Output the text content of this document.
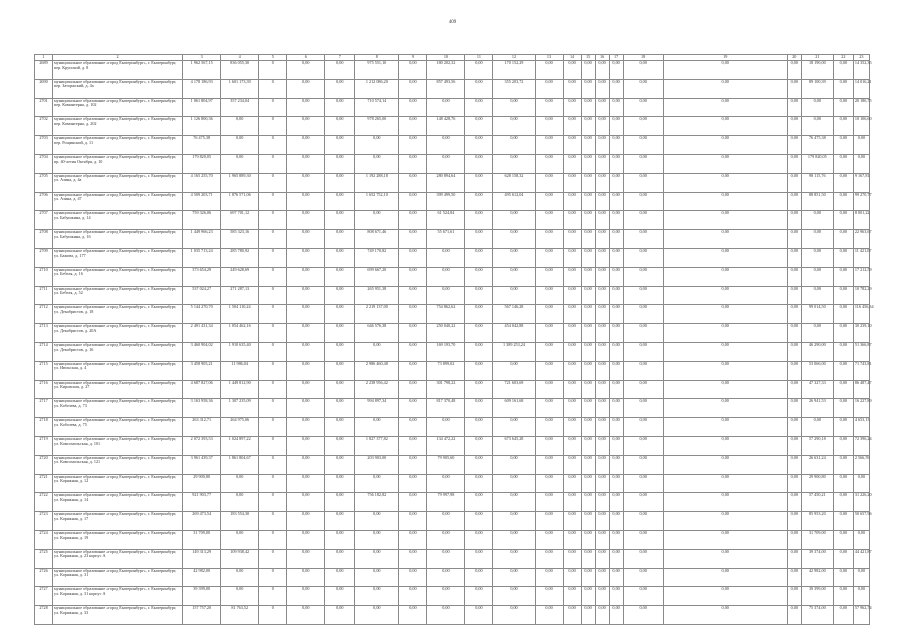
409
1	2	3	4	5	6	7	8	9	10	11	12	13	14	15	16	17	18	19	20	21	22	23
2689	муниципальное образование «город Екатеринбург», г. Екатеринбург, пер. Крупский, д. 8	1 962 567,15	836 055,30	0	0,00	0,00	975 551,10	0,00	180 202,32	0,00	170 152,29	0,00	0,00	0,00	0,00	0,00	0,00	0,00	0,00	18 190,00	0,00	14 352,35
2690	муниципальное образование «город Екатеринбург», г. Екатеринбург, пер. Заторжский, д. 4а	4 178 186,93	1 601 173,39	0	0,00	0,00	1 212 086,20	0,00	857 493,56	0,00	355 203,72	0,00	0,00	0,00	0,00	0,00	0,00	0,00	0,00	89 100,39	0,00	14 016,21
2701	муниципальное образование «город Екатеринбург», г. Екатеринбург, пер. Коминтерна, д. 102	1 061 804,97	357 234,04	0	0,00	0,00	710 574,14	0,00	0,00	0,00	0,00	0,00	0,00	0,00	0,00	0,00	0,00	0,00	0,00	0,00	0,00	20 186,75
2702	муниципальное образование «город Екатеринбург», г. Екатеринбург, пер. Коминтерна, д. 202	1 126 800,36	0,00	0	0,00	0,00	978 265,00	0,00	148 428,76	0,00	0,00	0,00	0,00	0,00	0,00	0,00	0,00	0,00	0,00	0,00	0,00	10 106,60
2703	муниципальное образование «город Екатеринбург», г. Екатеринбург, пер. Рощинский, д. 11	76 475,38	0,00	0	0,00	0,00	0,00	0,00	0,00	0,00	0,00	0,00	0,00	0,00	0,00	0,00	0,00	0,00	0,00	76 475,38	0,00	0,00
2704	муниципальное образование «город Екатеринбург», г. Екатеринбург, пр. 40-летия Октября, д. 10	179 820,05	0,00	0	0,00	0,00	0,00	0,00	0,00	0,00	0,00	0,00	0,00	0,00	0,00	0,00	0,00	0,00	0,00	179 820,05	0,00	0,00
2705	муниципальное образование «город Екатеринбург», г. Екатеринбург, ул. Азина, д. 4а	4 165 255,70	1 965 889,30	0	0,00	0,00	1 192 288,18	0,00	280 894,64	0,00	628 158,32	0,00	0,00	0,00	0,00	0,00	0,00	0,00	0,00	98 115,76	0,00	9 167,81
2706	муниципальное образование «город Екатеринбург», г. Екатеринбург, ул. Азина, д. 47	4 509 203,71	1 876 571,06	0	0,00	0,00	1 652 752,10	0,00	399 499,50	0,00	495 612,04	0,00	0,00	0,00	0,00	0,00	0,00	0,00	0,00	88 851,50	0,00	99 270,77
2707	муниципальное образование «город Екатеринбург», г. Екатеринбург, ул. Бабушкина, д. 14	759 326,06	697 701,12	0	0,00	0,00	0,00	0,00	61 524,84	0,00	0,00	0,00	0,00	0,00	0,00	0,00	0,00	0,00	0,00	0,00	0,00	8 001,22
2708	муниципальное образование «город Екатеринбург», г. Екатеринбург, ул. Бабушкина, д. 16	1 449 966,23	585 323,16	0	0,00	0,00	808 671,46	0,00	55 671,61	0,00	0,00	0,00	0,00	0,00	0,00	0,00	0,00	0,00	0,00	0,00	0,00	22 963,67
2709	муниципальное образование «город Екатеринбург», г. Екатеринбург, ул. Бажова, д. 177	1 035 713,24	285 780,92	0	0,00	0,00	749 170,82	0,00	0,00	0,00	0,00	0,00	0,00	0,00	0,00	0,00	0,00	0,00	0,00	0,00	0,00	11 421,07
2710	муниципальное образование «город Екатеринбург», г. Екатеринбург, ул. Бебеля, д. 16	373 654,29	249 628,69	0	0,00	0,00	699 667,20	0,00	0,00	0,00	0,00	0,00	0,00	0,00	0,00	0,00	0,00	0,00	0,00	0,00	0,00	17 212,59
2711	муниципальное образование «город Екатеринбург», г. Екатеринбург, ул. Бебеля, д. 52	537 024,27	271 287,13	0	0,00	0,00	265 951,38	0,00	0,00	0,00	0,00	0,00	0,00	0,00	0,00	0,00	0,00	0,00	0,00	0,00	0,00	10 782,29
2712	муниципальное образование «город Екатеринбург», г. Екатеринбург, ул. Декабристов, д. 18	5 144 270,70	1 504 110,24	0	0,00	0,00	2 219 137,00	0,00	754 862,62	0,00	567 146,28	0,00	0,00	0,00	0,00	0,00	0,00	0,00	0,00	99 014,50	0,00	116 456,34
2713	муниципальное образование «город Екатеринбург», г. Екатеринбург, ул. Декабристов, д. 20А	2 491 431,34	1 054 462,16	0	0,00	0,00	646 576,38	0,00	250 040,22	0,00	454 042,88	0,00	0,00	0,00	0,00	0,00	0,00	0,00	0,00	0,00	0,00	30 239,10
2714	муниципальное образование «город Екатеринбург», г. Екатеринбург, ул. Декабристов, д. 16	3 460 904,02	1 910 635,40	0	0,00	0,00	0,00	0,00	169 193,70	0,00	1 389 253,24	0,00	0,00	0,00	0,00	0,00	0,00	0,00	0,00	46 290,00	0,00	51 366,87
2715	муниципальное образование «город Екатеринбург», г. Екатеринбург, ул. Июльская, д. 4	3 458 905,21	11 986,04	0	0,00	0,00	2 986 460,48	0,00	73 899,02	0,00	0,00	0,00	0,00	0,00	0,00	0,00	0,00	0,00	0,00	53 066,00	0,00	71 743,81
2716	муниципальное образование «город Екатеринбург», г. Екатеринбург, ул. Кировская, д. 27	4 687 827,06	1 449 812,90	0	0,00	0,00	2 238 956,42	0,00	301 798,22	0,00	721 603,69	0,00	0,00	0,00	0,00	0,00	0,00	0,00	0,00	47 327,33	0,00	86 487,47
2717	муниципальное образование «город Екатеринбург», г. Екатеринбург, ул. Кобозева, д. 73	3 163 958,36	1 307 235,09	0	0,00	0,00	994 897,34	0,00	817 370,48	0,00	609 161,68	0,00	0,00	0,00	0,00	0,00	0,00	0,00	0,00	26 941,53	0,00	16 227,89
2718	муниципальное образование «город Екатеринбург», г. Екатеринбург, ул. Кобозева, д. 75	263 312,71	264 975,06	0	0,00	0,00	0,00	0,00	0,00	0,00	0,00	0,00	0,00	0,00	0,00	0,00	0,00	0,00	0,00	0,00	0,00	4 653,13
2719	муниципальное образование «город Екатеринбург», г. Екатеринбург, ул. Комсомольская, д. 101	2 072 393,53	1 024 897,22	0	0,00	0,00	1 827 377,82	0,00	134 472,22	0,00	673 645,28	0,00	0,00	0,00	0,00	0,00	0,00	0,00	0,00	57 290,18	0,00	72 396,24
2720	муниципальное образование «город Екатеринбург», г. Екатеринбург, ул. Комсомольская, д. 121	3 961 439,37	1 861 804,67	0	0,00	0,00	203 903,00	0,00	79 905,60	0,00	0,00	0,00	0,00	0,00	0,00	0,00	0,00	0,00	0,00	26 631,24	0,00	2 566,59
2721	муниципальное образование «город Екатеринбург», г. Екатеринбург, ул. Коряжная, д. 12	29 900,80	0,00	0	0,00	0,00	0,00	0,00	0,00	0,00	0,00	0,00	0,00	0,00	0,00	0,00	0,00	0,00	0,00	29 900,80	0,00	0,00
2722	муниципальное образование «город Екатеринбург», г. Екатеринбург, ул. Коряжная, д. 14	921 903,77	0,00	0	0,00	0,00	756 182,82	0,00	79 997,98	0,00	0,00	0,00	0,00	0,00	0,00	0,00	0,00	0,00	0,00	57 450,21	0,00	31 226,20
2723	муниципальное образование «город Екатеринбург», г. Екатеринбург, ул. Коряжная, д. 17	269 473,54	183 554,30	0	0,00	0,00	0,00	0,00	0,00	0,00	0,00	0,00	0,00	0,00	0,00	0,00	0,00	0,00	0,00	85 953,20	0,00	50 657,96
2724	муниципальное образование «город Екатеринбург», г. Екатеринбург, ул. Коряжная, д. 19	31 709,00	0,00	0	0,00	0,00	0,00	0,00	0,00	0,00	0,00	0,00	0,00	0,00	0,00	0,00	0,00	0,00	0,00	31 709,00	0,00	0,00
2725	муниципальное образование «город Екатеринбург», г. Екатеринбург, ул. Коряжная, д. 23 корпус А	149 313,29	109 938,42	0	0,00	0,00	0,00	0,00	0,00	0,00	0,00	0,00	0,00	0,00	0,00	0,00	0,00	0,00	0,00	39 374,00	0,00	44 421,87
2726	муниципальное образование «город Екатеринбург», г. Екатеринбург, ул. Коряжная, д. 31	42 982,00	0,00	0	0,00	0,00	0,00	0,00	0,00	0,00	0,00	0,00	0,00	0,00	0,00	0,00	0,00	0,00	0,00	42 982,00	0,00	0,00
2727	муниципальное образование «город Екатеринбург», г. Екатеринбург, ул. Коряжная, д. 31 корпус А	39 399,00	0,00	0	0,00	0,00	0,00	0,00	0,00	0,00	0,00	0,00	0,00	0,00	0,00	0,00	0,00	0,00	0,00	39 399,00	0,00	0,00
2728	муниципальное образование «город Екатеринбург», г. Екатеринбург, ул. Коряжная, д. 33	157 757,20	81 763,52	0	0,00	0,00	0,00	0,00	0,00	0,00	0,00	0,00	0,00	0,00	0,00	0,00	0,00	0,00	0,00	75 374,00	0,00	57 962,74
